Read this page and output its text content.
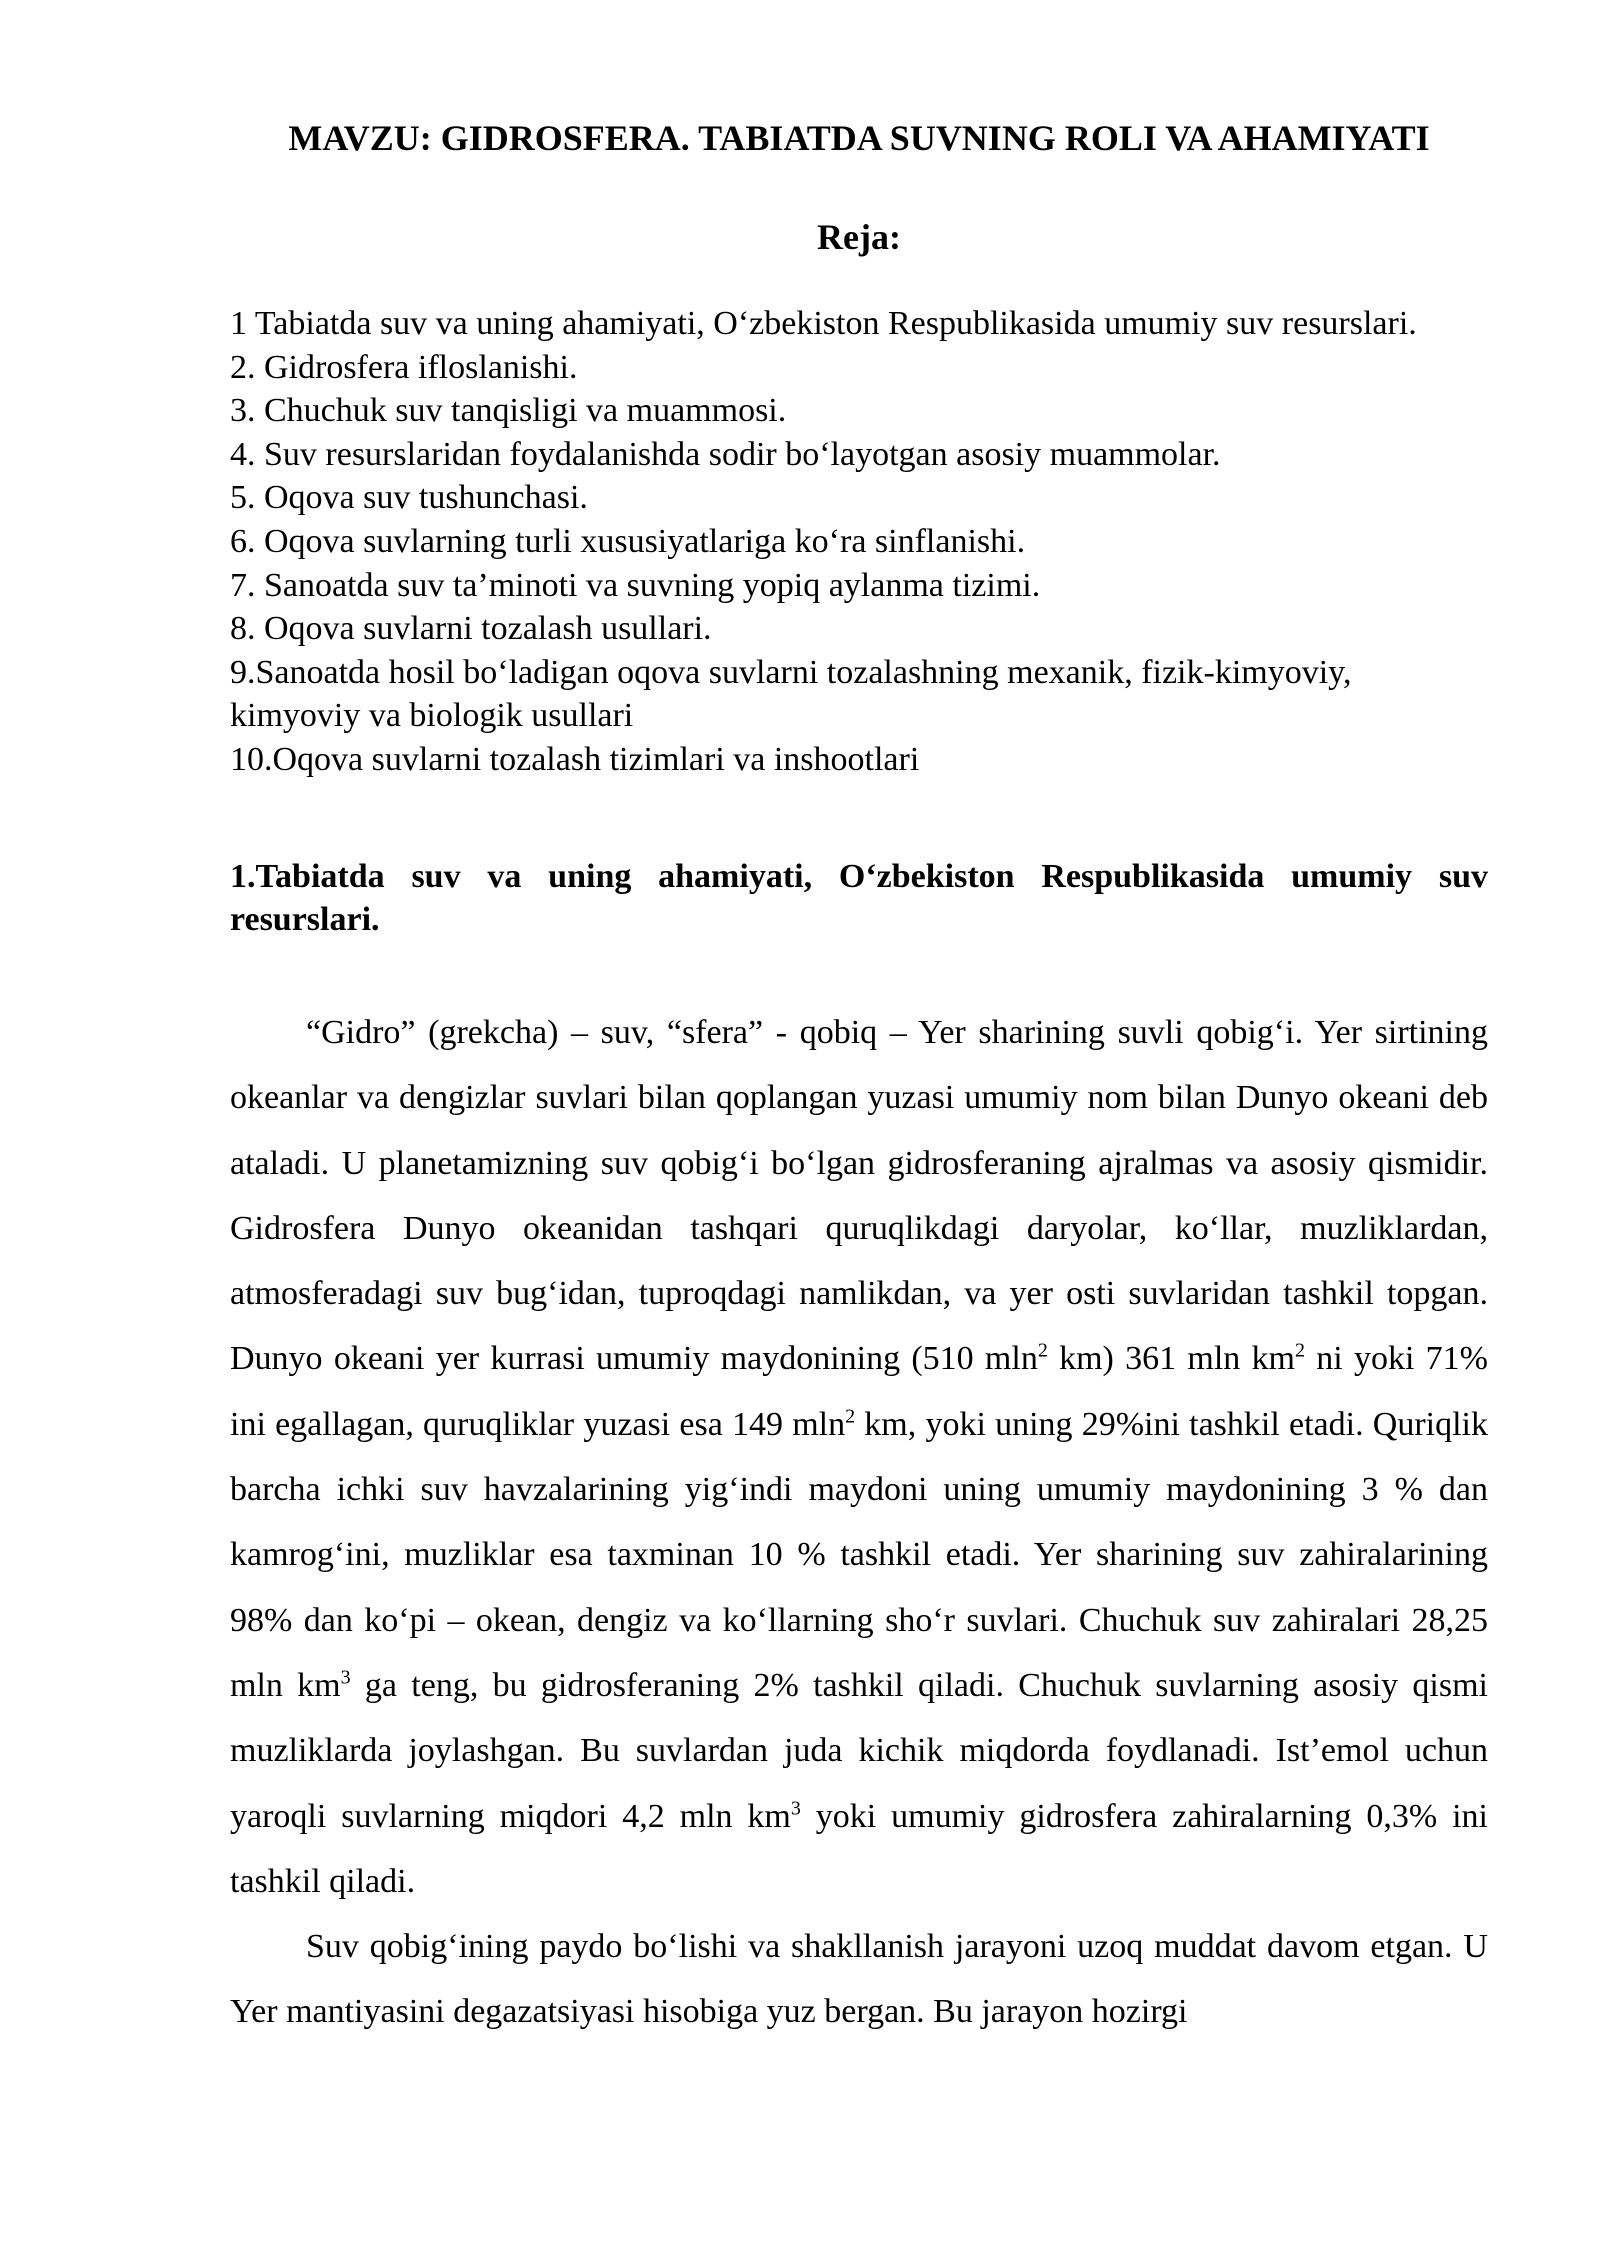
MAVZU: GIDROSFERA. TABIATDA SUVNING ROLI VA AHAMIYATI
Reja:
1 Tabiatda suv va uning ahamiyati, O‘zbekiston Respublikasida umumiy suv resurslari.
2. Gidrosfera ifloslanishi.
3. Chuchuk suv tanqisligi va muammosi.
4. Suv resurslaridan foydalanishda sodir bo‘layotgan asosiy muammolar.
5. Oqova suv tushunchasi.
6. Oqova suvlarning turli xususiyatlariga ko‘ra sinflanishi.
7. Sanoatda suv ta’minoti va suvning yopiq aylanma tizimi.
8. Oqova suvlarni tozalash usullari.
9.Sanoatda hosil bo‘ladigan oqova suvlarni tozalashning mexanik, fizik-kimyoviy, kimyoviy va biologik usullari
10.Oqova suvlarni tozalash tizimlari va inshootlari
1.Tabiatda suv va uning ahamiyati, O‘zbekiston Respublikasida umumiy suv resurslari.

“Gidro” (grekcha) – suv, “sfera” - qobiq – Yer sharining suvli qobig‘i. Yer sirtining okeanlar va dengizlar suvlari bilan qoplangan yuzasi umumiy nom bilan Dunyo okeani deb ataladi. U planetamizning suv qobig‘i bo‘lgan gidrosferaning ajralmas va asosiy qismidir. Gidrosfera Dunyo okeanidan tashqari quruqlikdagi daryolar, ko‘llar, muzliklardan, atmosferadagi suv bug‘idan, tuproqdagi namlikdan, va yer osti suvlaridan tashkil topgan. Dunyo okeani yer kurrasi umumiy maydonining (510 mln$^2$ km) 361 mln $km^2$ ni yoki 71% ini egallagan, quruqliklar yuzasi esa 149 mln$^2$ km, yoki uning 29%ini tashkil etadi. Quriqlik barcha ichki suv havzalarining yig‘indi maydoni uning umumiy maydonining 3 % dan kamrog‘ini, muzliklar esa taxminan 10 % tashkil etadi. Yer sharining suv zahiralarining 98% dan ko‘pi – okean, dengiz va ko‘llarning sho‘r suvlari. Chuchuk suv zahiralari 28,25 mln $km^3$ ga teng, bu gidrosferaning 2% tashkil qiladi. Chuchuk suvlarning asosiy qismi muzliklarda joylashgan. Bu suvlardan juda kichik miqdorda foydlanadi. Ist’emol uchun yaroqli suvlarning miqdori 4,2 mln $km^3$ yoki umumiy gidrosfera zahiralarning 0,3% ini tashkil qiladi.

Suv qobig‘ining paydo bo‘lishi va shakllanish jarayoni uzoq muddat davom etgan. U Yer mantiyasini degazatsiyasi hisobiga yuz bergan. Bu jarayon hozirgi
